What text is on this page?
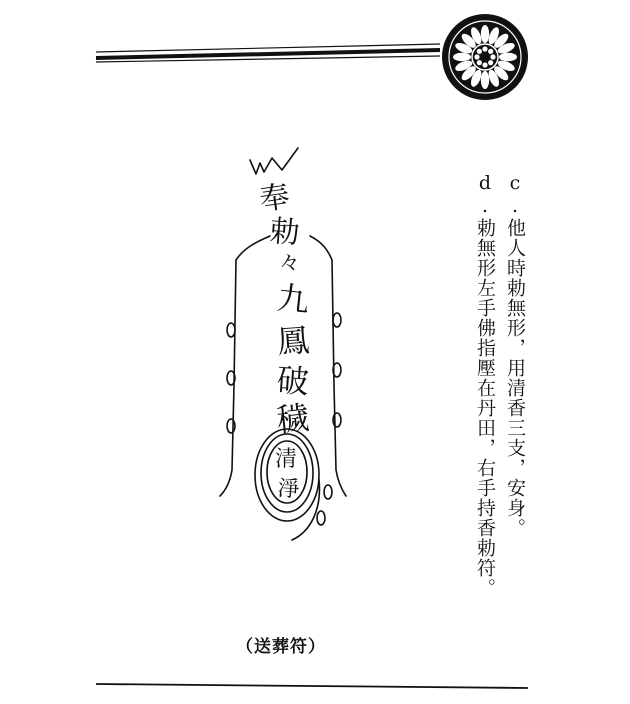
奉
勅
々
九
鳳
破
穢
清
淨	c.他人時勅無形，用清香三支，安身。
d.勅無形左手佛指壓在丹田，右手持香勅符。
（送葬符）
